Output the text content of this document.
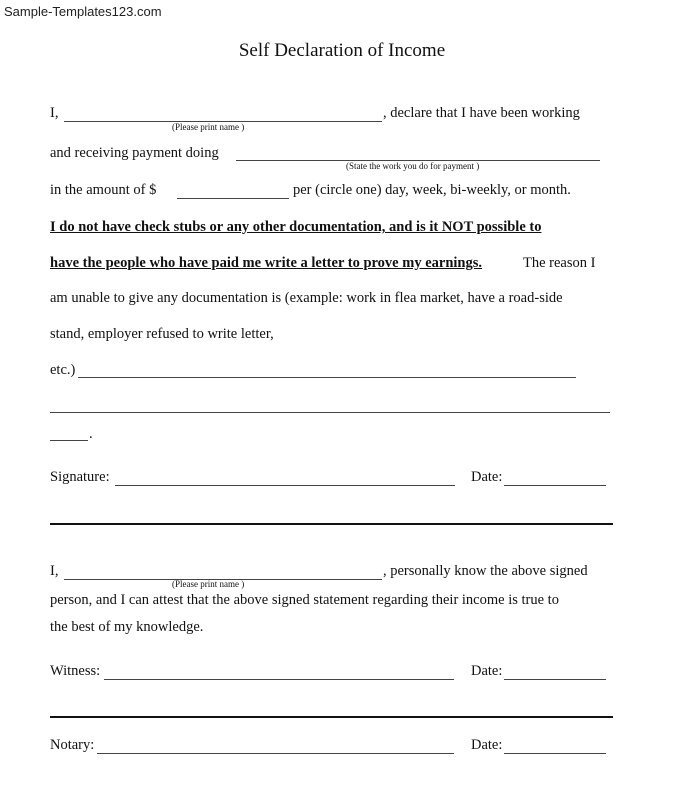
Sample-Templates123.com
Self Declaration of Income
I,	, declare that I have been working
(Please print name )
and receiving payment doing
(State the work you do for payment )
in the amount of $	per (circle one) day, week, bi-weekly, or month.
I do not have check stubs or any other documentation, and is it NOT possible to
have the people who have paid me write a letter to prove my earnings.	The reason I
am unable to give any documentation is (example: work in flea market, have a road-side
stand, employer refused to write letter,
etc.)
.
Signature:	Date:
I,	, personally know the above signed
(Please print name )
person, and I can attest that the above signed statement regarding their income is true to
the best of my knowledge.
Witness:	Date:
Notary:	Date:
